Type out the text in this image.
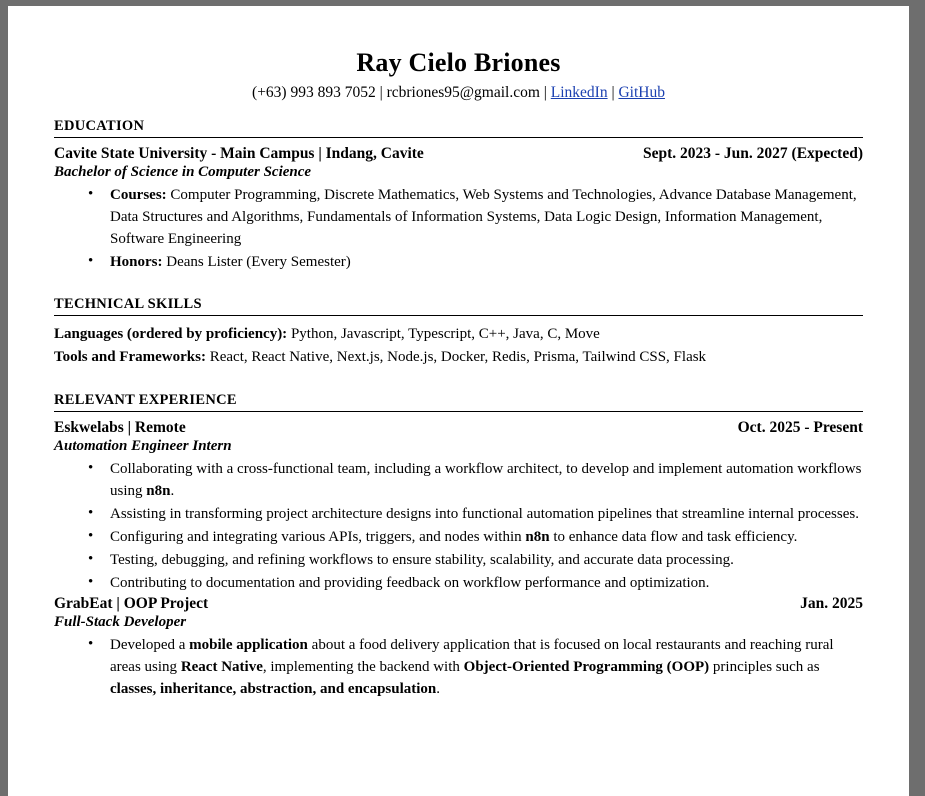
Ray Cielo Briones
(+63) 993 893 7052 | rcbriones95@gmail.com | LinkedIn | GitHub
EDUCATION
Cavite State University - Main Campus | Indang, Cavite	Sept. 2023 - Jun. 2027 (Expected)
Bachelor of Science in Computer Science
• Courses: Computer Programming, Discrete Mathematics, Web Systems and Technologies, Advance Database Management, Data Structures and Algorithms, Fundamentals of Information Systems, Data Logic Design, Information Management, Software Engineering
• Honors: Deans Lister (Every Semester)
TECHNICAL SKILLS
Languages (ordered by proficiency): Python, Javascript, Typescript, C++, Java, C, Move
Tools and Frameworks: React, React Native, Next.js, Node.js, Docker, Redis, Prisma, Tailwind CSS, Flask
RELEVANT EXPERIENCE
Eskwelabs | Remote	Oct. 2025 - Present
Automation Engineer Intern
• Collaborating with a cross-functional team, including a workflow architect, to develop and implement automation workflows using n8n.
• Assisting in transforming project architecture designs into functional automation pipelines that streamline internal processes.
• Configuring and integrating various APIs, triggers, and nodes within n8n to enhance data flow and task efficiency.
• Testing, debugging, and refining workflows to ensure stability, scalability, and accurate data processing.
• Contributing to documentation and providing feedback on workflow performance and optimization.
GrabEat | OOP Project	Jan. 2025
Full-Stack Developer
• Developed a mobile application about a food delivery application that is focused on local restaurants and reaching rural areas using React Native, implementing the backend with Object-Oriented Programming (OOP) principles such as classes, inheritance, abstraction, and encapsulation.
